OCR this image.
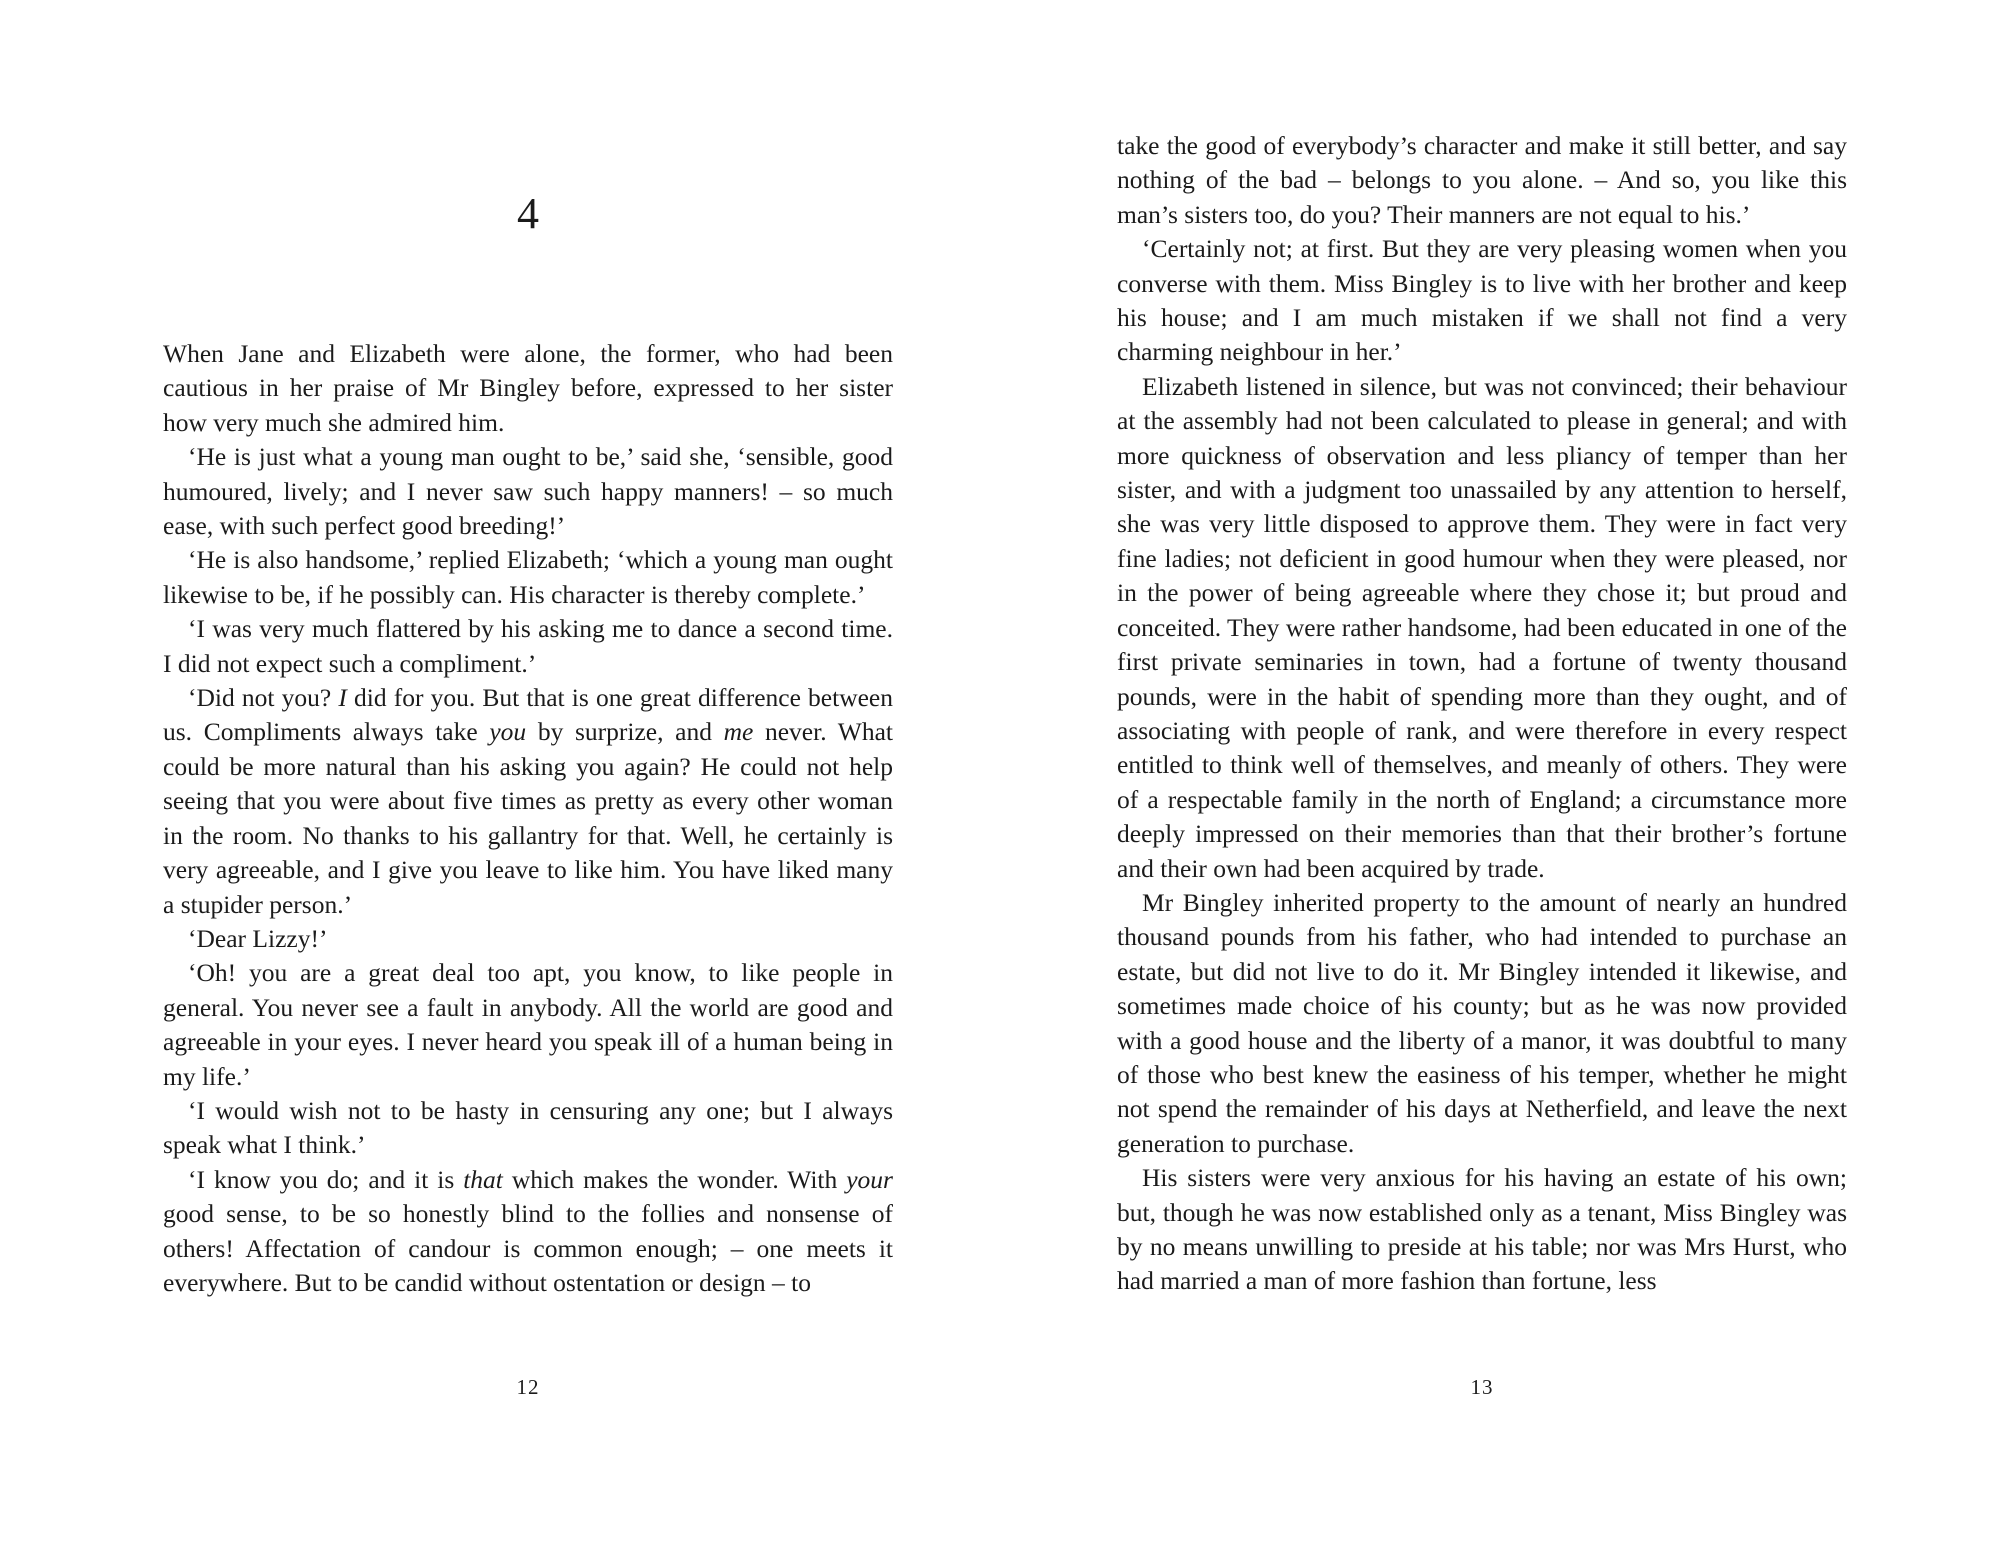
4

When Jane and Elizabeth were alone, the former, who had been cautious in her praise of Mr Bingley before, expressed to her sister how very much she admired him.

‘He is just what a young man ought to be,’ said she, ‘sensible, good humoured, lively; and I never saw such happy manners! – so much ease, with such perfect good breeding!’

‘He is also handsome,’ replied Elizabeth; ‘which a young man ought likewise to be, if he possibly can. His character is thereby complete.’

‘I was very much flattered by his asking me to dance a second time. I did not expect such a compliment.’

‘Did not you? I did for you. But that is one great difference between us. Compliments always take you by surprize, and me never. What could be more natural than his asking you again? He could not help seeing that you were about five times as pretty as every other woman in the room. No thanks to his gallantry for that. Well, he certainly is very agreeable, and I give you leave to like him. You have liked many a stupider person.’

‘Dear Lizzy!’

‘Oh! you are a great deal too apt, you know, to like people in general. You never see a fault in anybody. All the world are good and agreeable in your eyes. I never heard you speak ill of a human being in my life.’

‘I would wish not to be hasty in censuring any one; but I always speak what I think.’

‘I know you do; and it is that which makes the wonder. With your good sense, to be so honestly blind to the follies and nonsense of others! Affectation of candour is common enough; – one meets it everywhere. But to be candid without ostentation or design – to

12

take the good of everybody’s character and make it still better, and say nothing of the bad – belongs to you alone. – And so, you like this man’s sisters too, do you? Their manners are not equal to his.’

‘Certainly not; at first. But they are very pleasing women when you converse with them. Miss Bingley is to live with her brother and keep his house; and I am much mistaken if we shall not find a very charming neighbour in her.’

Elizabeth listened in silence, but was not convinced; their behaviour at the assembly had not been calculated to please in general; and with more quickness of observation and less pliancy of temper than her sister, and with a judgment too unassailed by any attention to herself, she was very little disposed to approve them. They were in fact very fine ladies; not deficient in good humour when they were pleased, nor in the power of being agreeable where they chose it; but proud and conceited. They were rather handsome, had been educated in one of the first private seminaries in town, had a fortune of twenty thousand pounds, were in the habit of spending more than they ought, and of associating with people of rank, and were therefore in every respect entitled to think well of themselves, and meanly of others. They were of a respectable family in the north of England; a circumstance more deeply impressed on their memories than that their brother’s fortune and their own had been acquired by trade.

Mr Bingley inherited property to the amount of nearly an hundred thousand pounds from his father, who had intended to purchase an estate, but did not live to do it. Mr Bingley intended it likewise, and sometimes made choice of his county; but as he was now provided with a good house and the liberty of a manor, it was doubtful to many of those who best knew the easiness of his temper, whether he might not spend the remainder of his days at Netherfield, and leave the next generation to purchase.

His sisters were very anxious for his having an estate of his own; but, though he was now established only as a tenant, Miss Bingley was by no means unwilling to preside at his table; nor was Mrs Hurst, who had married a man of more fashion than fortune, less

13
